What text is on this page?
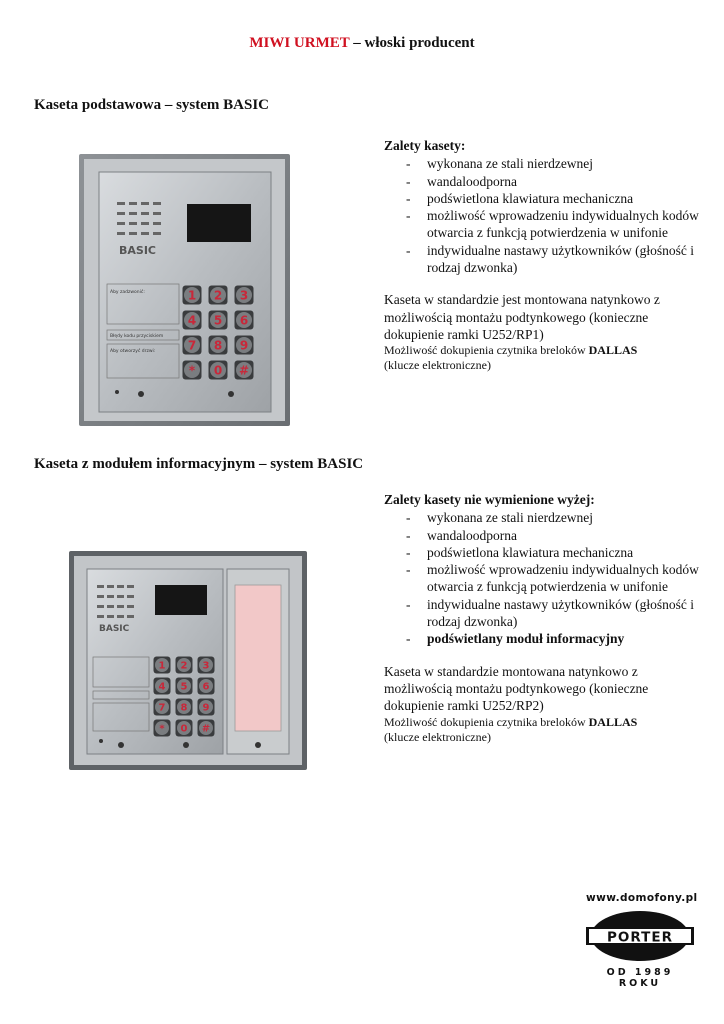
MIWI URMET – włoski producent
Kaseta podstawowa – system BASIC
BASIC
Aby zadzwonić:
Błędy kodu przyciskiem
Aby otworzyć drzwi:
1 2 3
4 5 6
7 8 9
* 0 #
Zalety kasety:
- wykonana ze stali nierdzewnej
- wandaloodporna
- podświetlona klawiatura mechaniczna
- możliwość wprowadzeniu indywidualnych kodów otwarcia z funkcją potwierdzenia w unifonie
- indywidualne nastawy użytkowników (głośność i rodzaj dzwonka)

Kaseta w standardzie jest montowana natynkowo z możliwością montażu podtynkowego (konieczne dokupienie ramki U252/RP1)

Możliwość dokupienia czytnika breloków DALLAS
(klucze elektroniczne)
Kaseta z modułem informacyjnym – system BASIC
BASIC
1 2 3
4 5 6
7 8 9
* 0 #
Zalety kasety nie wymienione wyżej:
- wykonana ze stali nierdzewnej
- wandaloodporna
- podświetlona klawiatura mechaniczna
- możliwość wprowadzeniu indywidualnych kodów otwarcia z funkcją potwierdzenia w unifonie
- indywidualne nastawy użytkowników (głośność i rodzaj dzwonka)
- podświetlany moduł informacyjny

Kaseta w standardzie montowana natynkowo z możliwością montażu podtynkowego (konieczne dokupienie ramki U252/RP2)

Możliwość dokupienia czytnika breloków DALLAS
(klucze elektroniczne)
www.domofony.pl
PORTER
OD 1989 ROKU
